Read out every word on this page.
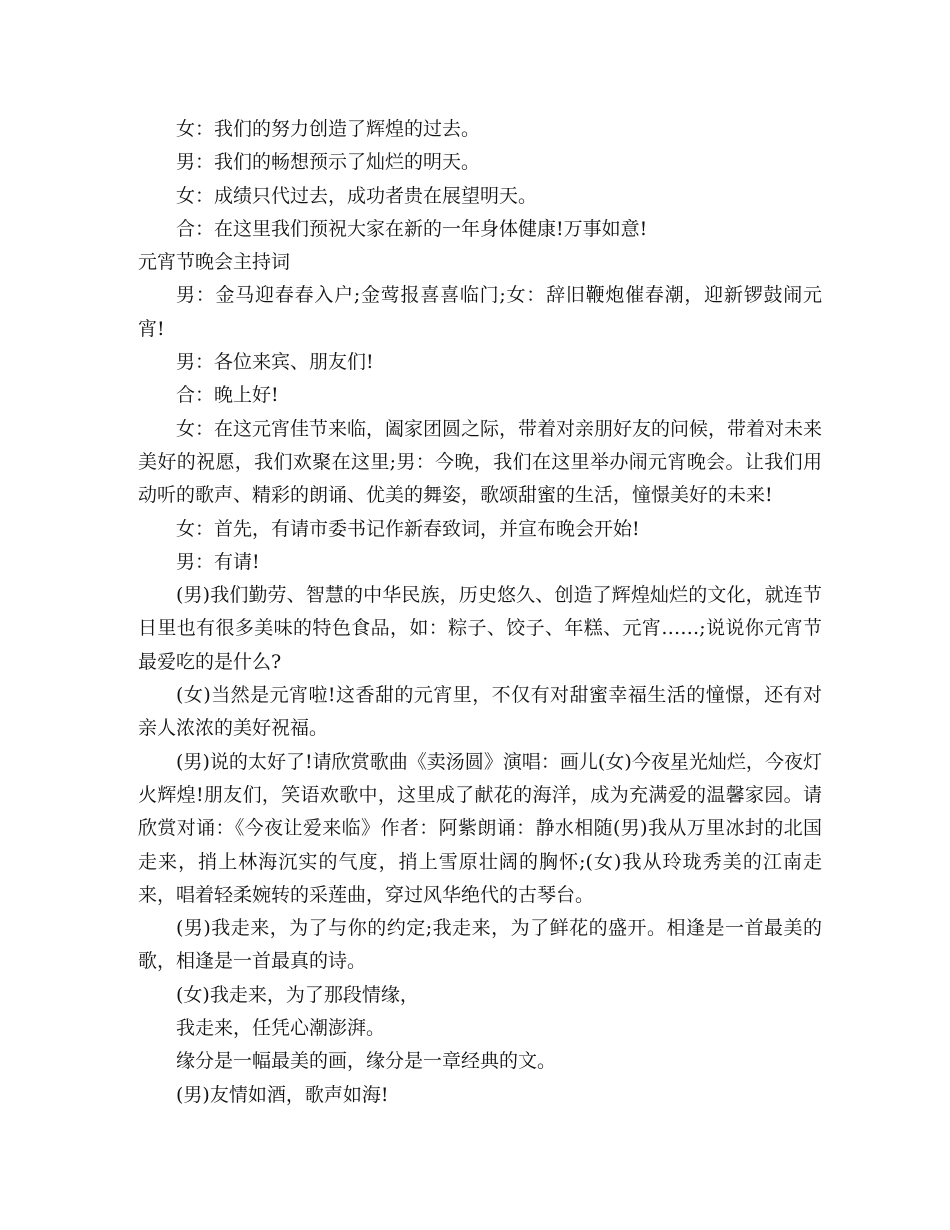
女：我们的努力创造了辉煌的过去。

男：我们的畅想预示了灿烂的明天。

女：成绩只代过去，成功者贵在展望明天。

合：在这里我们预祝大家在新的一年身体健康!万事如意!

元宵节晚会主持词

男：金马迎春春入户;金莺报喜喜临门;女：辞旧鞭炮催春潮，迎新锣鼓闹元宵!

男：各位来宾、朋友们!

合：晚上好!

女：在这元宵佳节来临，阖家团圆之际，带着对亲朋好友的问候，带着对未来美好的祝愿，我们欢聚在这里;男：今晚，我们在这里举办闹元宵晚会。让我们用动听的歌声、精彩的朗诵、优美的舞姿，歌颂甜蜜的生活，憧憬美好的未来!

女：首先，有请市委书记作新春致词，并宣布晚会开始!

男：有请!

(男)我们勤劳、智慧的中华民族，历史悠久、创造了辉煌灿烂的文化，就连节日里也有很多美味的特色食品，如：粽子、饺子、年糕、元宵……;说说你元宵节最爱吃的是什么?

(女)当然是元宵啦!这香甜的元宵里，不仅有对甜蜜幸福生活的憧憬，还有对亲人浓浓的美好祝福。

(男)说的太好了!请欣赏歌曲《卖汤圆》演唱：画儿(女)今夜星光灿烂，今夜灯火辉煌!朋友们，笑语欢歌中，这里成了献花的海洋，成为充满爱的温馨家园。请欣赏对诵：《今夜让爱来临》作者：阿紫朗诵：静水相随(男)我从万里冰封的北国走来，捎上林海沉实的气度，捎上雪原壮阔的胸怀;(女)我从玲珑秀美的江南走来，唱着轻柔婉转的采莲曲，穿过风华绝代的古琴台。

(男)我走来，为了与你的约定;我走来，为了鲜花的盛开。相逢是一首最美的歌，相逢是一首最真的诗。

(女)我走来，为了那段情缘，

我走来，任凭心潮澎湃。

缘分是一幅最美的画，缘分是一章经典的文。

(男)友情如酒，歌声如海!
